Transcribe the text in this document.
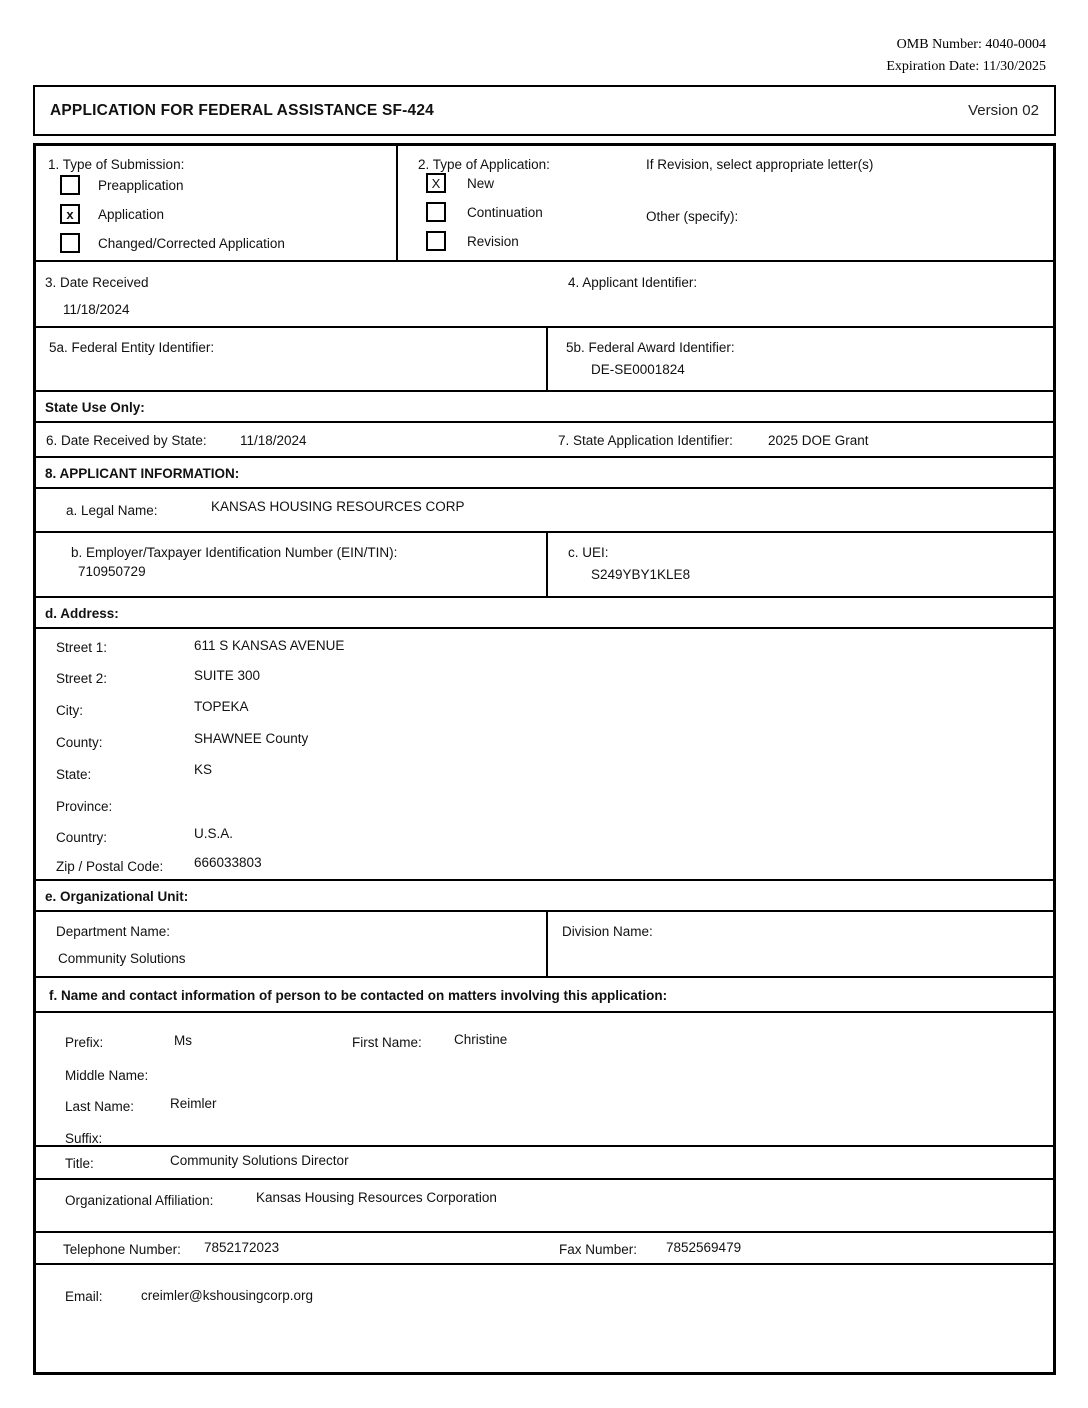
OMB Number: 4040-0004
Expiration Date: 11/30/2025
APPLICATION FOR FEDERAL ASSISTANCE SF-424	Version 02
1. Type of Submission:
Preapplication
x Application
Changed/Corrected Application
2. Type of Application:	If Revision, select appropriate letter(s)
X New
Continuation	Other (specify):
Revision
3. Date Received
11/18/2024
4. Applicant Identifier:
5a. Federal Entity Identifier:	5b. Federal Award Identifier:
DE-SE0001824
State Use Only:
6. Date Received by State: 11/18/2024	7. State Application Identifier:	2025 DOE Grant
8. APPLICANT INFORMATION:
a. Legal Name:	KANSAS HOUSING RESOURCES CORP
b. Employer/Taxpayer Identification Number (EIN/TIN):
710950729
c. UEI:
S249YBY1KLE8
d. Address:
Street 1:	611 S KANSAS AVENUE
Street 2:	SUITE 300
City:	TOPEKA
County:	SHAWNEE County
State:	KS
Province:
Country:	U.S.A.
Zip / Postal Code: 666033803
e. Organizational Unit:
Department Name:
Community Solutions
Division Name:
f. Name and contact information of person to be contacted on matters involving this application:
Prefix:	Ms	First Name: Christine
Middle Name:
Last Name:	Reimler
Suffix:
Title:	Community Solutions Director
Organizational Affiliation:	Kansas Housing Resources Corporation
Telephone Number: 7852172023	Fax Number: 7852569479
Email:	creimler@kshousingcorp.org
